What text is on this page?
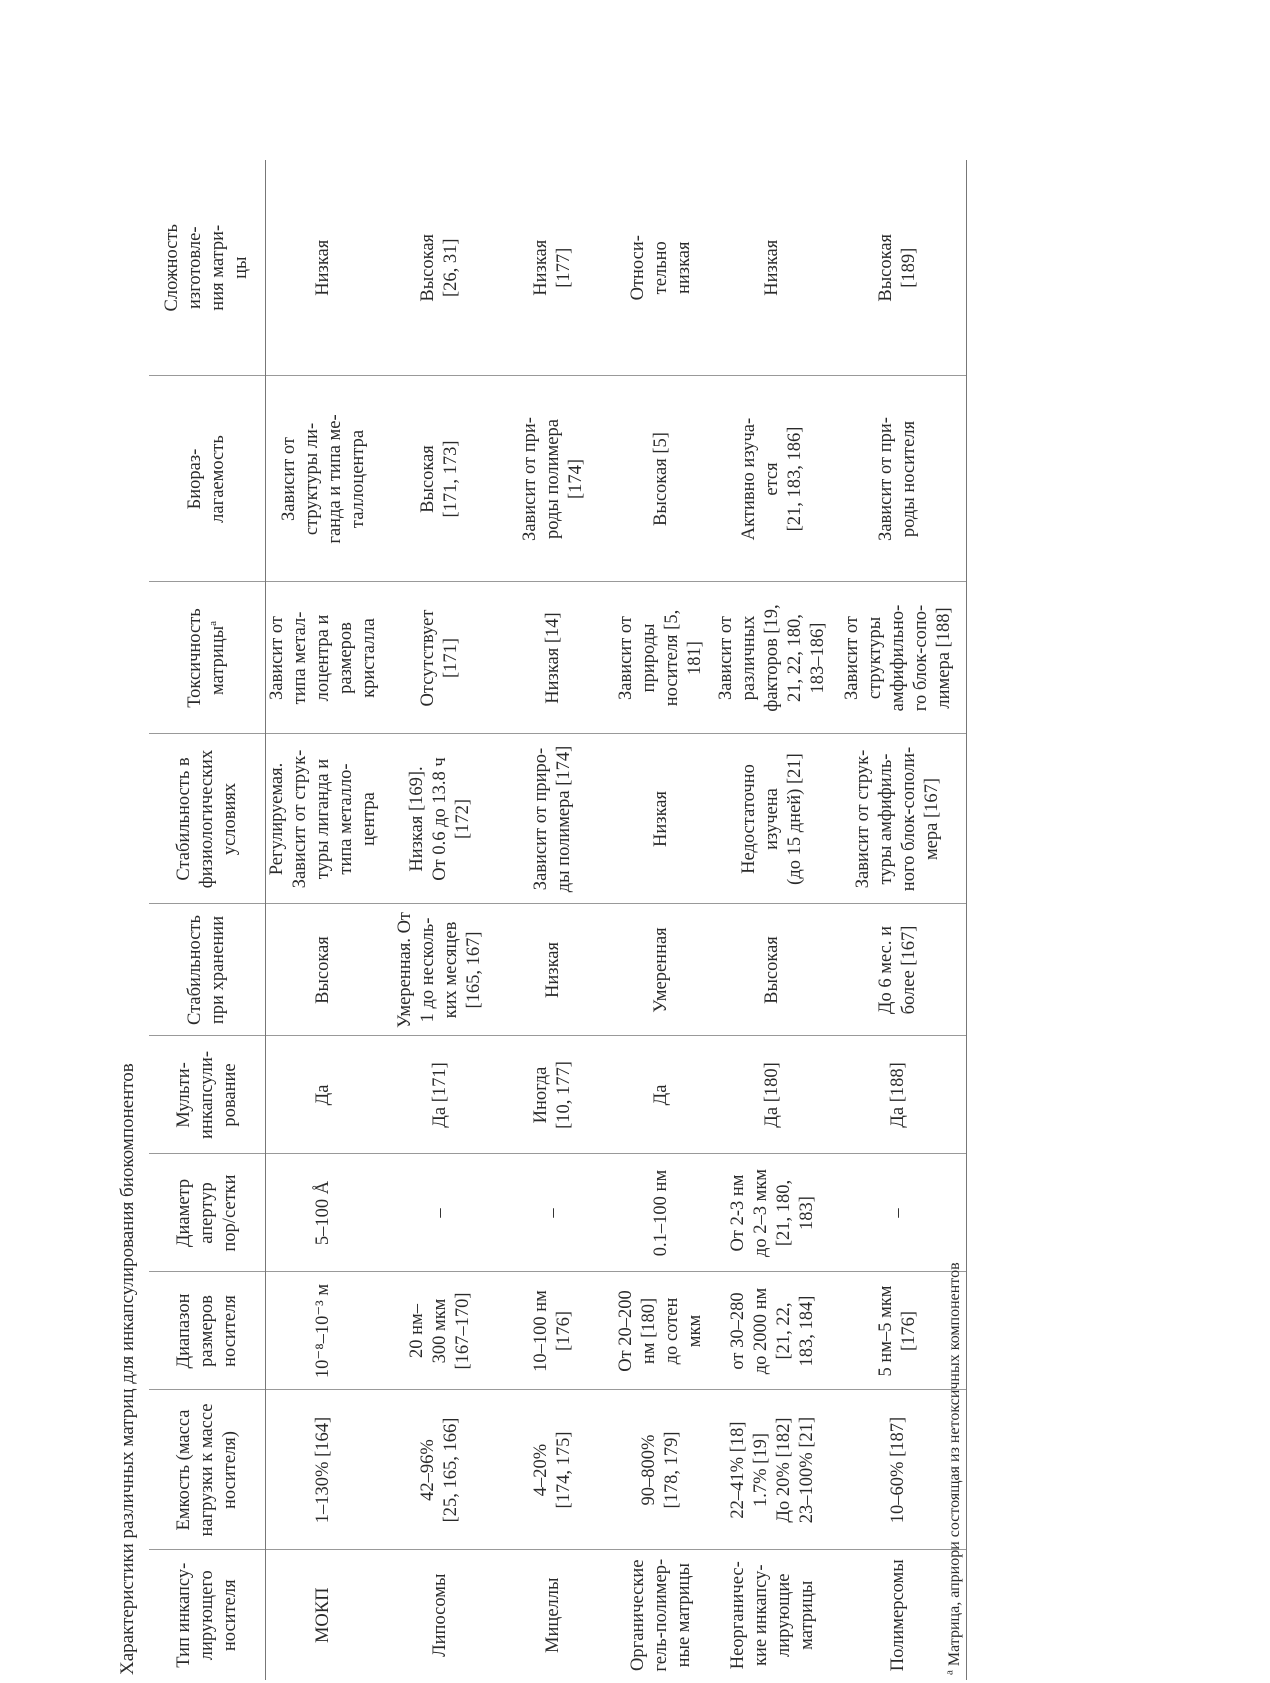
Характеристики различных матриц для инкапсулирования биокомпонентов Тип инкапсу-
лирующего
носителя	Емкость (масса
нагрузки к массе
носителя)	Диапазон
размеров
носителя	Диаметр
апертур
пор/сетки	Мульти-
инкапсули-
рование	Стабильность
при хранении	Стабильность в
физиологических
условиях	Токсичность
матрицы$^a$	Биораз-
лагаемость	Сложность
изготовле-
ния матри-
цы
МОКП	1–130% [164]	10⁻⁸–10⁻³ м	5–100 Å	Да	Высокая	Регулируемая.
Зависит от струк-
туры лиганда и
типа металло-
центра	Зависит от
типа метал-
лоцентра и
размеров
кристалла	Зависит от
структуры ли-
ганда и типа ме-
таллоцентра	Низкая
Липосомы	42–96%
[25, 165, 166]	20 нм–
300 мкм
[167–170]	–	Да [171]	Умеренная. От
1 до несколь-
ких месяцев
[165, 167]	Низкая [169].
От 0.6 до 13.8 ч
[172]	Отсутствует
[171]	Высокая
[171, 173]	Высокая
[26, 31]
Мицеллы	4–20%
[174, 175]	10–100 нм
[176]	–	Иногда
[10, 177]	Низкая	Зависит от приро-
ды полимера [174]	Низкая [14]	Зависит от при-
роды полимера
[174]	Низкая
[177]
Органические
гель-полимер-
ные матрицы	90–800%
[178, 179]	От 20–200
нм [180]
до сотен
мкм	0.1–100 нм	Да	Умеренная	Низкая	Зависит от
природы
носителя [5,
181]	Высокая [5]	Относи-
тельно
низкая
Неорганичес-
кие инкапсу-
лирующие
матрицы	22–41% [18]
1.7% [19]
До 20% [182]
23–100% [21]	от 30–280
до 2000 нм
[21, 22,
183, 184]	От 2-3 нм
до 2–3 мкм
[21, 180,
183]	Да [180]	Высокая	Недостаточно
изучена
(до 15 дней) [21]	Зависит от
различных
факторов [19,
21, 22, 180,
183–186]	Активно изуча-
ется
[21, 183, 186]	Низкая
Полимерсомы	10–60% [187]	5 нм–5 мкм
[176]	–	Да [188]	До 6 мес. и
более [167]	Зависит от струк-
туры амфифиль-
ного блок-сополи-
мера [167]	Зависит от
структуры
амфифильно-
го блок-сопо-
лимера [188]	Зависит от при-
роды носителя	Высокая
[189]
$^a$ Матрица, априори состоящая из нетоксичных компонентов
